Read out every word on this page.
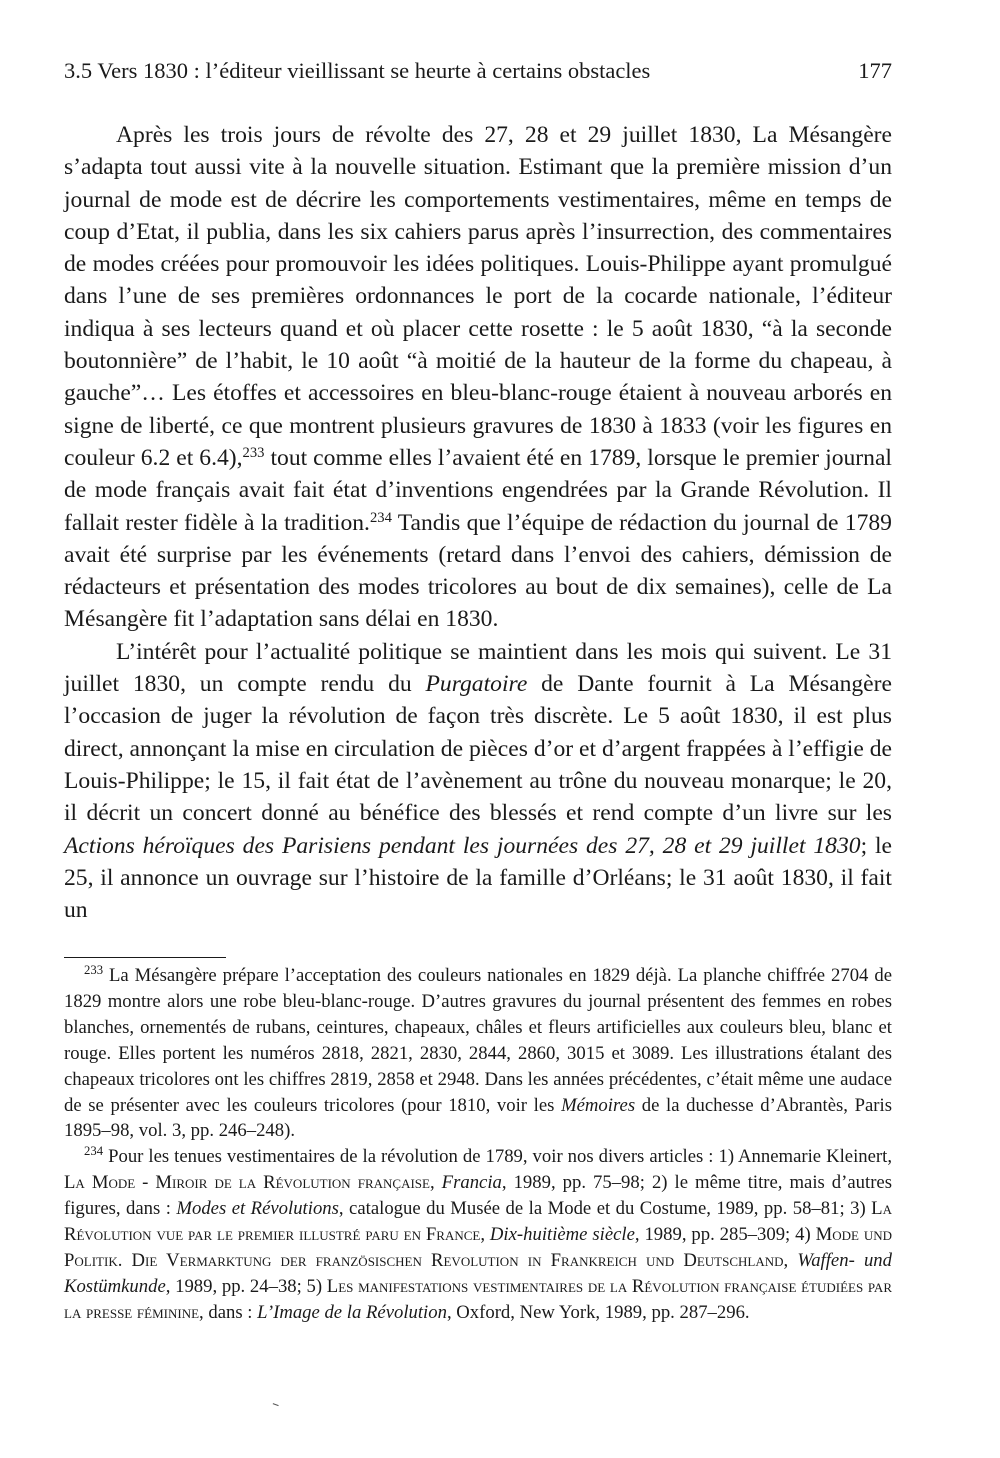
3.5 Vers 1830 : l’éditeur vieillissant se heurte à certains obstacles	177

Après les trois jours de révolte des 27, 28 et 29 juillet 1830, La Mésangère s’adapta tout aussi vite à la nouvelle situation. Estimant que la première mission d’un journal de mode est de décrire les comportements vestimentaires, même en temps de coup d’Etat, il publia, dans les six cahiers parus après l’insurrection, des commentaires de modes créées pour promouvoir les idées politiques. Louis-Philippe ayant promulgué dans l’une de ses premières ordonnances le port de la cocarde nationale, l’éditeur indiqua à ses lecteurs quand et où placer cette rosette : le 5 août 1830, “à la seconde boutonnière” de l’habit, le 10 août “à moitié de la hauteur de la forme du chapeau, à gauche”… Les étoffes et accessoires en bleu-blanc-rouge étaient à nouveau arborés en signe de liberté, ce que montrent plusieurs gravures de 1830 à 1833 (voir les figures en couleur 6.2 et 6.4),$^{233}$ tout comme elles l’avaient été en 1789, lorsque le premier journal de mode français avait fait état d’inventions engendrées par la Grande Révolution. Il fallait rester fidèle à la tradition.$^{234}$ Tandis que l’équipe de rédaction du journal de 1789 avait été surprise par les événements (retard dans l’envoi des cahiers, démission de rédacteurs et présentation des modes tricolores au bout de dix semaines), celle de La Mésangère fit l’adaptation sans délai en 1830.

L’intérêt pour l’actualité politique se maintient dans les mois qui suivent. Le 31 juillet 1830, un compte rendu du Purgatoire de Dante fournit à La Mésangère l’occasion de juger la révolution de façon très discrète. Le 5 août 1830, il est plus direct, annonçant la mise en circulation de pièces d’or et d’argent frappées à l’effigie de Louis-Philippe; le 15, il fait état de l’avènement au trône du nouveau monarque; le 20, il décrit un concert donné au bénéfice des blessés et rend compte d’un livre sur les Actions héroïques des Parisiens pendant les journées des 27, 28 et 29 juillet 1830; le 25, il annonce un ouvrage sur l’histoire de la famille d’Orléans; le 31 août 1830, il fait un

$^{233}$ La Mésangère prépare l’acceptation des couleurs nationales en 1829 déjà. La planche chiffrée 2704 de 1829 montre alors une robe bleu-blanc-rouge. D’autres gravures du journal présentent des femmes en robes blanches, ornementés de rubans, ceintures, chapeaux, châles et fleurs artificielles aux couleurs bleu, blanc et rouge. Elles portent les numéros 2818, 2821, 2830, 2844, 2860, 3015 et 3089. Les illustrations étalant des chapeaux tricolores ont les chiffres 2819, 2858 et 2948. Dans les années précédentes, c’était même une audace de se présenter avec les couleurs tricolores (pour 1810, voir les Mémoires de la duchesse d’Abrantès, Paris 1895–98, vol. 3, pp. 246–248).

$^{234}$ Pour les tenues vestimentaires de la révolution de 1789, voir nos divers articles : 1) Annemarie Kleinert, La Mode - Miroir de la Révolution française, Francia, 1989, pp. 75–98; 2) le même titre, mais d’autres figures, dans : Modes et Révolutions, catalogue du Musée de la Mode et du Costume, 1989, pp. 58–81; 3) La Révolution vue par le premier illustré paru en France, Dix-huitième siècle, 1989, pp. 285–309; 4) Mode und Politik. Die Vermarktung der französischen Revolution in Frankreich und Deutschland, Waffen- und Kostümkunde, 1989, pp. 24–38; 5) Les manifestations vestimentaires de la Révolution française étudiées par la presse féminine, dans : L’Image de la Révolution, Oxford, New York, 1989, pp. 287–296.
